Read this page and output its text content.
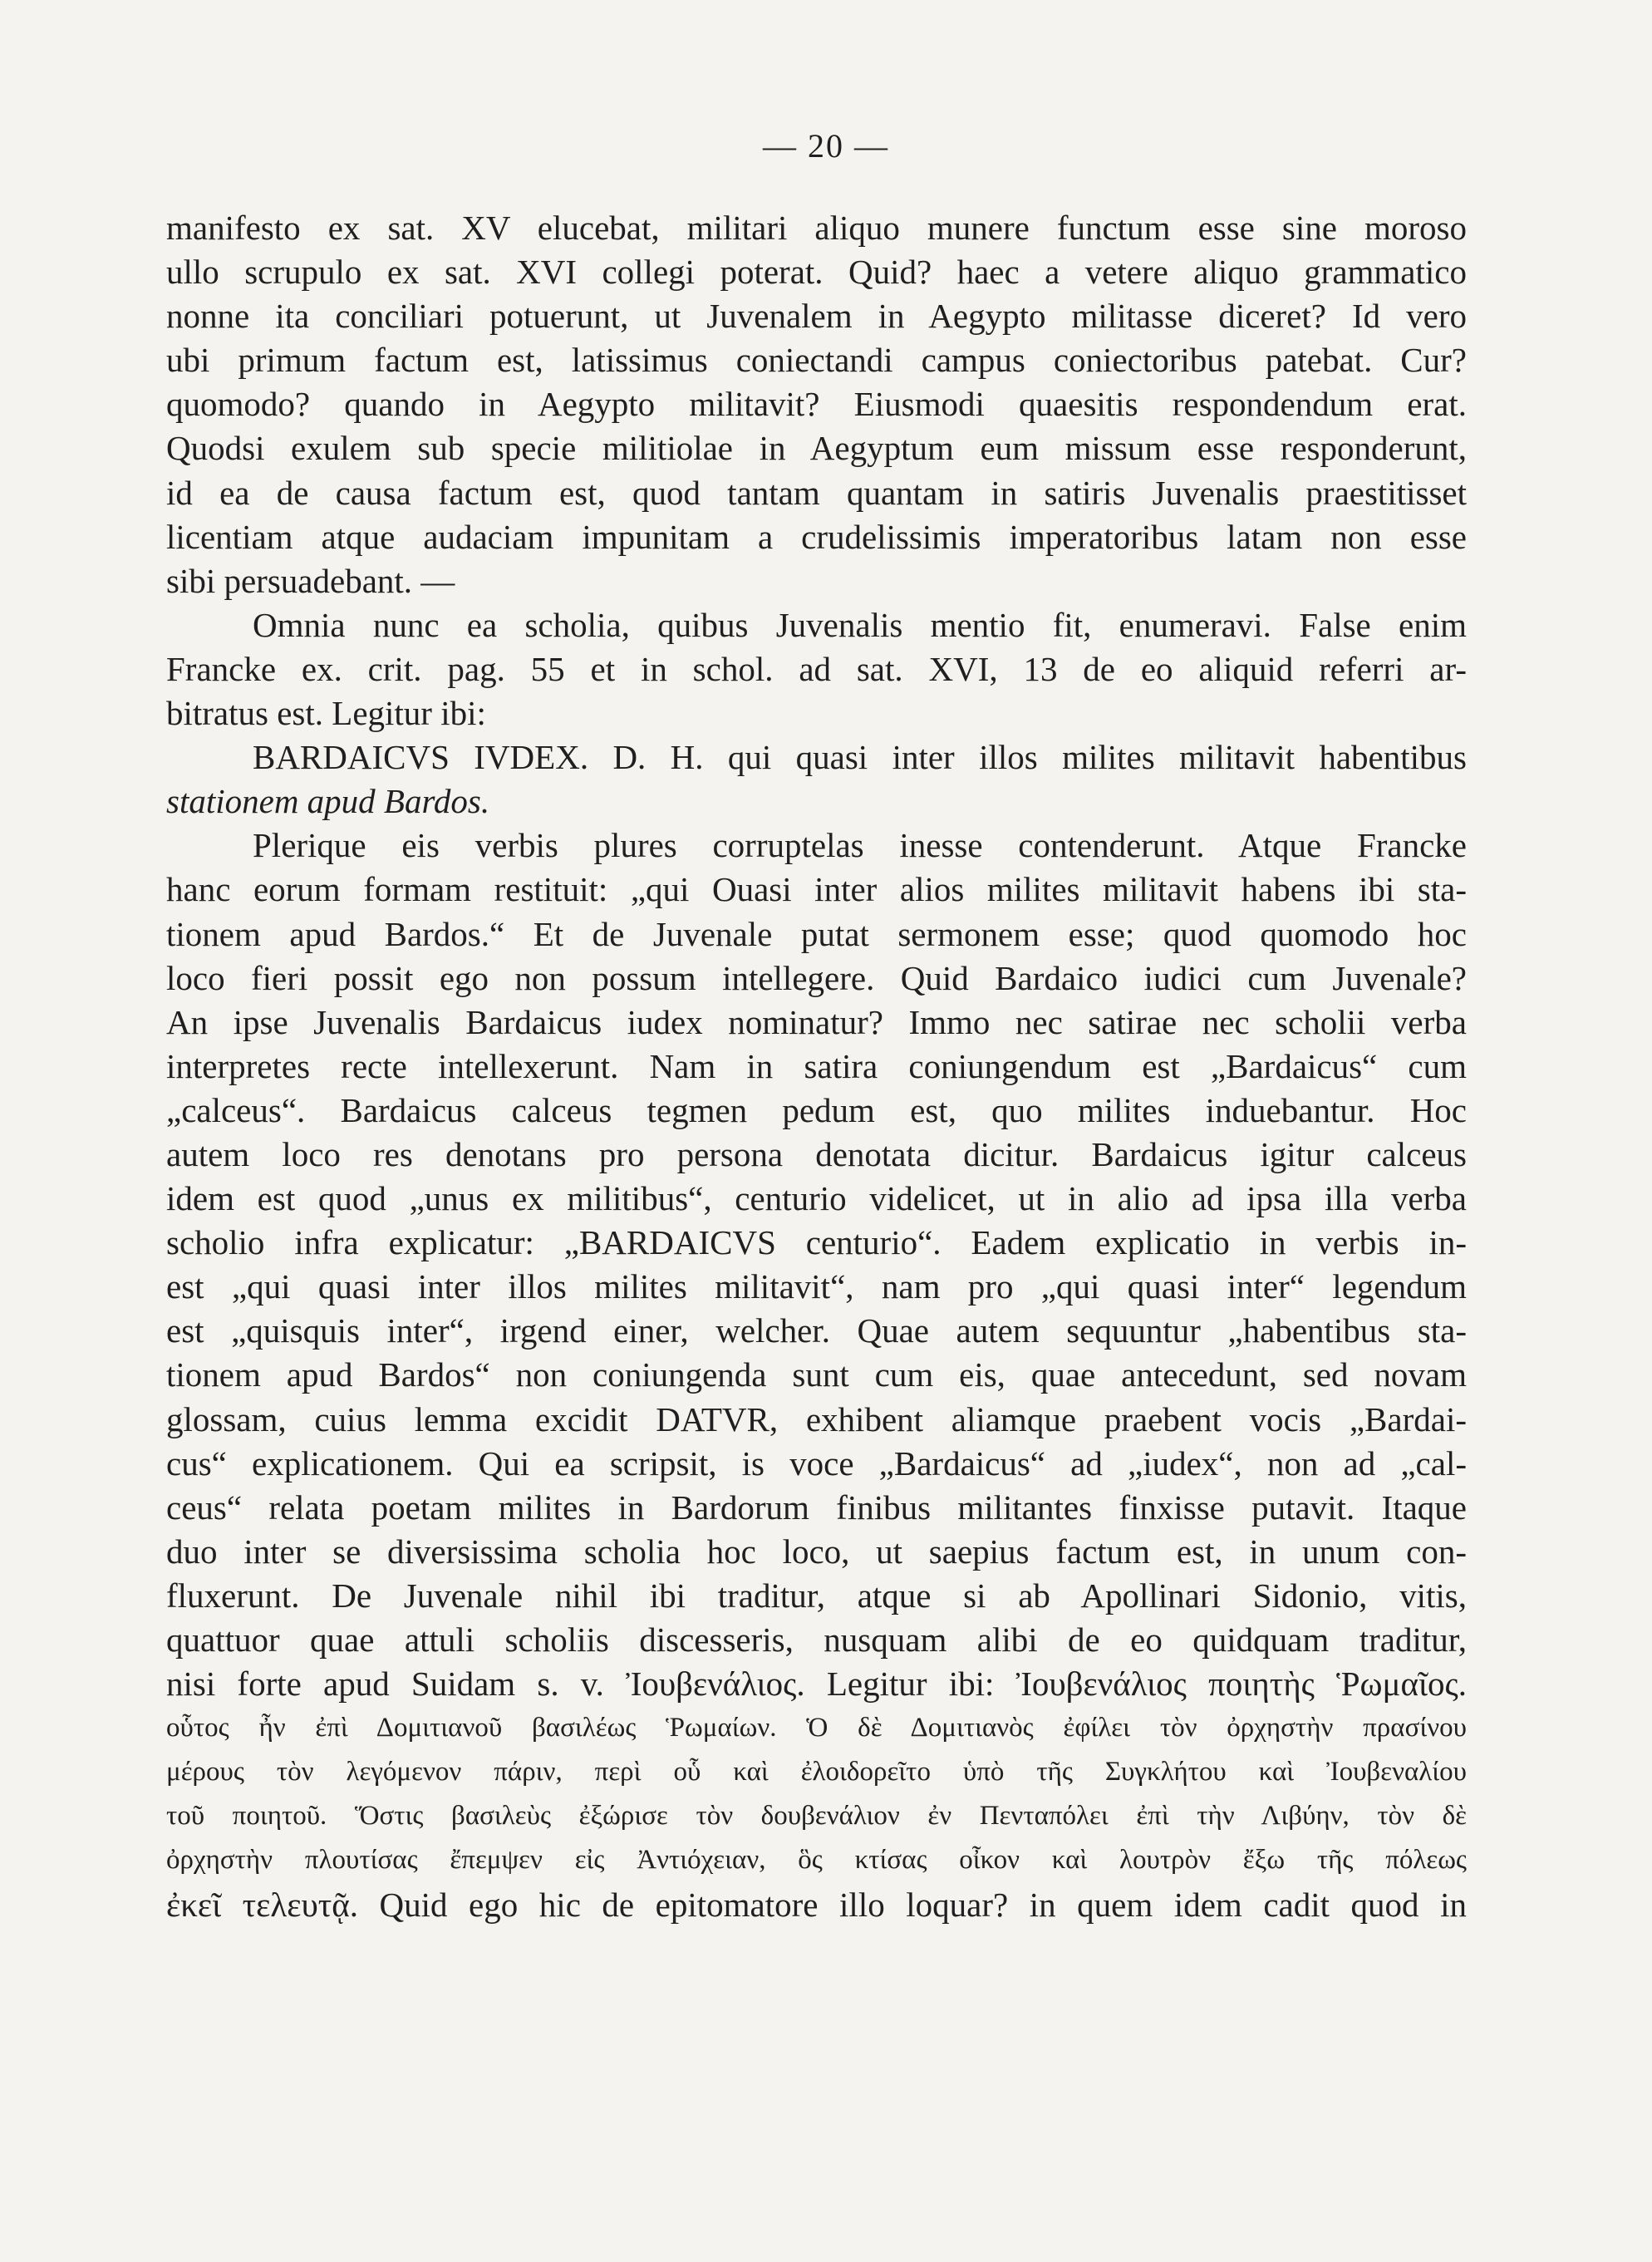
— 20 —
manifesto ex sat. XV elucebat, militari aliquo munere functum esse sine moroso
ullo scrupulo ex sat. XVI collegi poterat. Quid? haec a vetere aliquo grammatico
nonne ita conciliari potuerunt, ut Juvenalem in Aegypto militasse diceret? Id vero
ubi primum factum est, latissimus coniectandi campus coniectoribus patebat. Cur?
quomodo? quando in Aegypto militavit? Eiusmodi quaesitis respondendum erat.
Quodsi exulem sub specie militiolae in Aegyptum eum missum esse responderunt,
id ea de causa factum est, quod tantam quantam in satiris Juvenalis praestitisset
licentiam atque audaciam impunitam a crudelissimis imperatoribus latam non esse
sibi persuadebant. —
Omnia nunc ea scholia, quibus Juvenalis mentio fit, enumeravi. False enim
Francke ex. crit. pag. 55 et in schol. ad sat. XVI, 13 de eo aliquid referri ar-
bitratus est. Legitur ibi:
BARDAICVS IVDEX. D. H. qui quasi inter illos milites militavit habentibus
stationem apud Bardos.
Plerique eis verbis plures corruptelas inesse contenderunt. Atque Francke
hanc eorum formam restituit: „qui Ouasi inter alios milites militavit habens ibi sta-
tionem apud Bardos.“ Et de Juvenale putat sermonem esse; quod quomodo hoc
loco fieri possit ego non possum intellegere. Quid Bardaico iudici cum Juvenale?
An ipse Juvenalis Bardaicus iudex nominatur? Immo nec satirae nec scholii verba
interpretes recte intellexerunt. Nam in satira coniungendum est „Bardaicus“ cum
„calceus“. Bardaicus calceus tegmen pedum est, quo milites induebantur. Hoc
autem loco res denotans pro persona denotata dicitur. Bardaicus igitur calceus
idem est quod „unus ex militibus“, centurio videlicet, ut in alio ad ipsa illa verba
scholio infra explicatur: „BARDAICVS centurio“. Eadem explicatio in verbis in-
est „qui quasi inter illos milites militavit“, nam pro „qui quasi inter“ legendum
est „quisquis inter“, irgend einer, welcher. Quae autem sequuntur „habentibus sta-
tionem apud Bardos“ non coniungenda sunt cum eis, quae antecedunt, sed novam
glossam, cuius lemma excidit DATVR, exhibent aliamque praebent vocis „Bardai-
cus“ explicationem. Qui ea scripsit, is voce „Bardaicus“ ad „iudex“, non ad „cal-
ceus“ relata poetam milites in Bardorum finibus militantes finxisse putavit. Itaque
duo inter se diversissima scholia hoc loco, ut saepius factum est, in unum con-
fluxerunt. De Juvenale nihil ibi traditur, atque si ab Apollinari Sidonio, vitis,
quattuor quae attuli scholiis discesseris, nusquam alibi de eo quidquam traditur,
nisi forte apud Suidam s. v. Ἰουβενάλιος. Legitur ibi: Ἰουβενάλιος ποιητὴς Ῥωμαῖος.
οὗτος ἦν ἐπὶ Δομιτιανοῦ βασιλέως Ῥωμαίων. Ὁ δὲ Δομιτιανὸς ἐφίλει τὸν ὀρχηστὴν πρασίνου
μέρους τὸν λεγόμενον πάριν, περὶ οὗ καὶ ἐλοιδορεῖτο ὑπὸ τῆς Συγκλήτου καὶ Ἰουβεναλίου
τοῦ ποιητοῦ. Ὅστις βασιλεὺς ἐξώρισε τὸν δουβενάλιον ἐν Πενταπόλει ἐπὶ τὴν Λιβύην, τὸν δὲ
ὀρχηστὴν πλουτίσας ἔπεμψεν εἰς Ἀντιόχειαν, ὃς κτίσας οἶκον καὶ λουτρὸν ἔξω τῆς πόλεως
ἐκεῖ τελευτᾷ. Quid ego hic de epitomatore illo loquar? in quem idem cadit quod in
